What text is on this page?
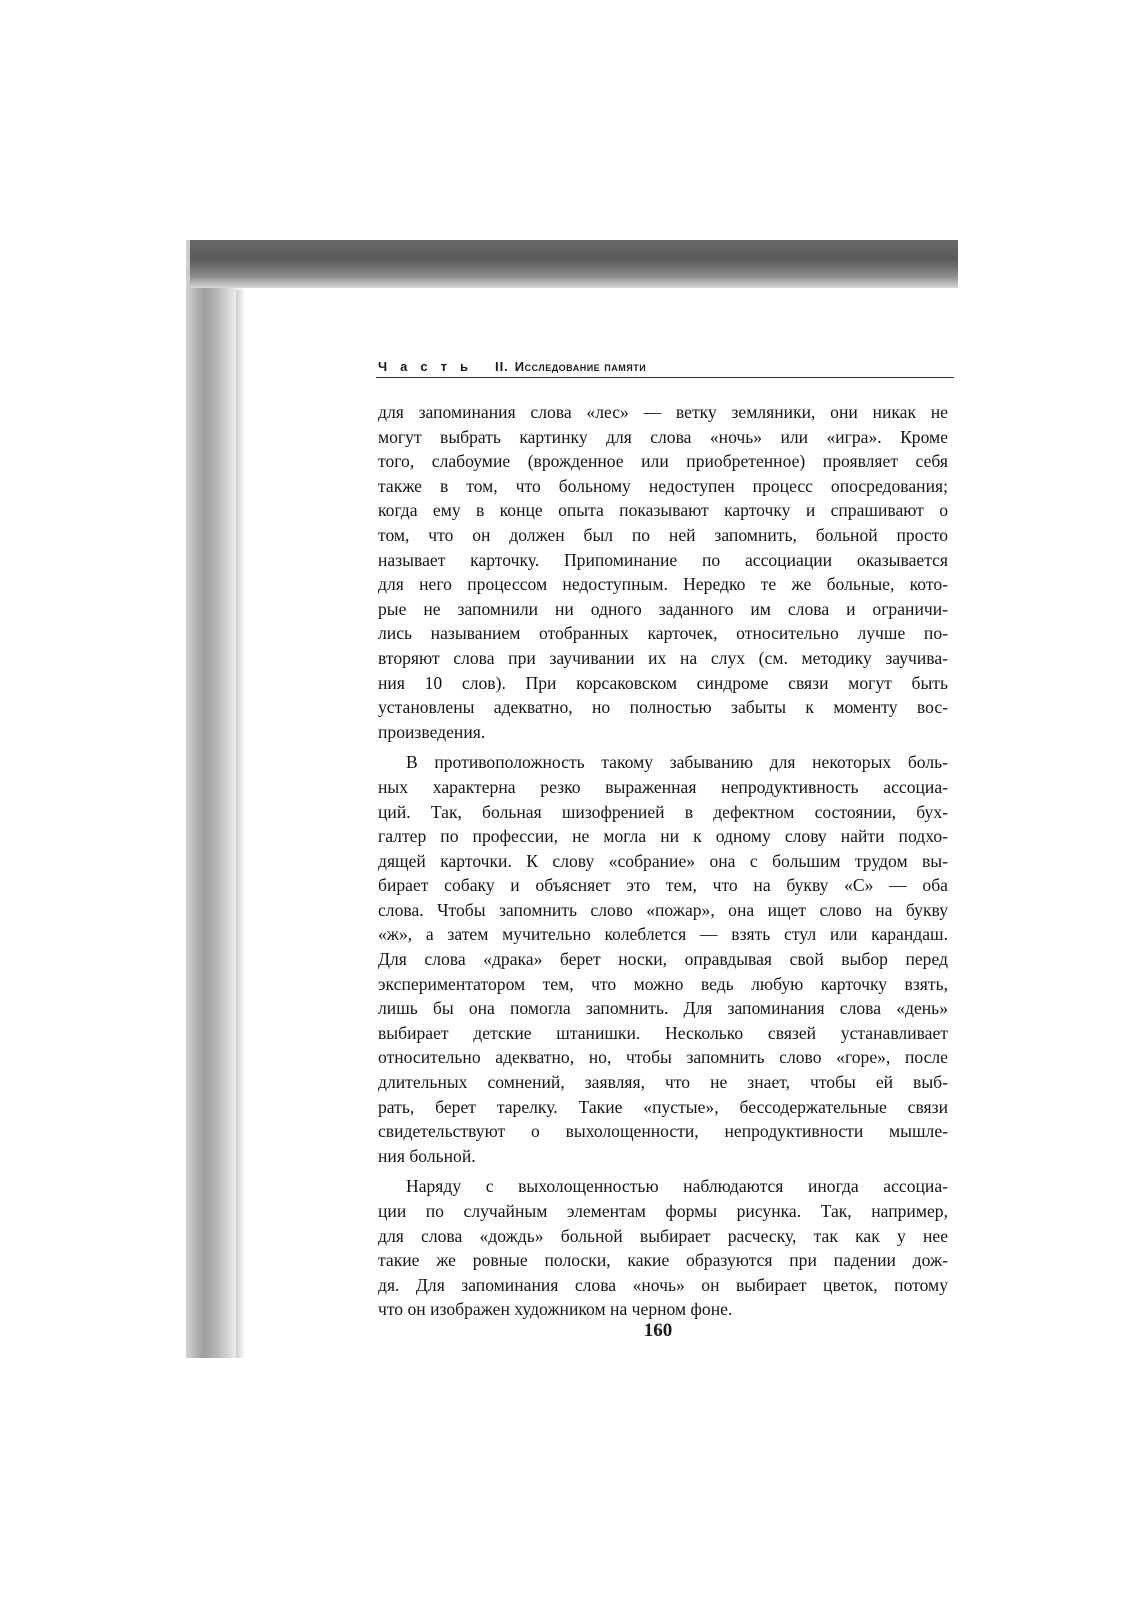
Часть II. Исследование памяти
для запоминания слова «лес» — ветку земляники, они никак не
могут выбрать картинку для слова «ночь» или «игра». Кроме
того, слабоумие (врожденное или приобретенное) проявляет себя
также в том, что больному недоступен процесс опосредования;
когда ему в конце опыта показывают карточку и спрашивают о
том, что он должен был по ней запомнить, больной просто
называет карточку. Припоминание по ассоциации оказывается
для него процессом недоступным. Нередко те же больные, кото-
рые не запомнили ни одного заданного им слова и ограничи-
лись называнием отобранных карточек, относительно лучше по-
вторяют слова при заучивании их на слух (см. методику заучива-
ния 10 слов). При корсаковском синдроме связи могут быть
установлены адекватно, но полностью забыты к моменту вос-
произведения.
В противоположность такому забыванию для некоторых боль-
ных характерна резко выраженная непродуктивность ассоциа-
ций. Так, больная шизофренией в дефектном состоянии, бух-
галтер по профессии, не могла ни к одному слову найти подхо-
дящей карточки. К слову «собрание» она с большим трудом вы-
бирает собаку и объясняет это тем, что на букву «С» — оба
слова. Чтобы запомнить слово «пожар», она ищет слово на букву
«ж», а затем мучительно колеблется — взять стул или карандаш.
Для слова «драка» берет носки, оправдывая свой выбор перед
экспериментатором тем, что можно ведь любую карточку взять,
лишь бы она помогла запомнить. Для запоминания слова «день»
выбирает детские штанишки. Несколько связей устанавливает
относительно адекватно, но, чтобы запомнить слово «горе», после
длительных сомнений, заявляя, что не знает, чтобы ей выб-
рать, берет тарелку. Такие «пустые», бессодержательные связи
свидетельствуют о выхолощенности, непродуктивности мышле-
ния больной.
Наряду с выхолощенностью наблюдаются иногда ассоциа-
ции по случайным элементам формы рисунка. Так, например,
для слова «дождь» больной выбирает расческу, так как у нее
такие же ровные полоски, какие образуются при падении дож-
дя. Для запоминания слова «ночь» он выбирает цветок, потому
что он изображен художником на черном фоне.
160
